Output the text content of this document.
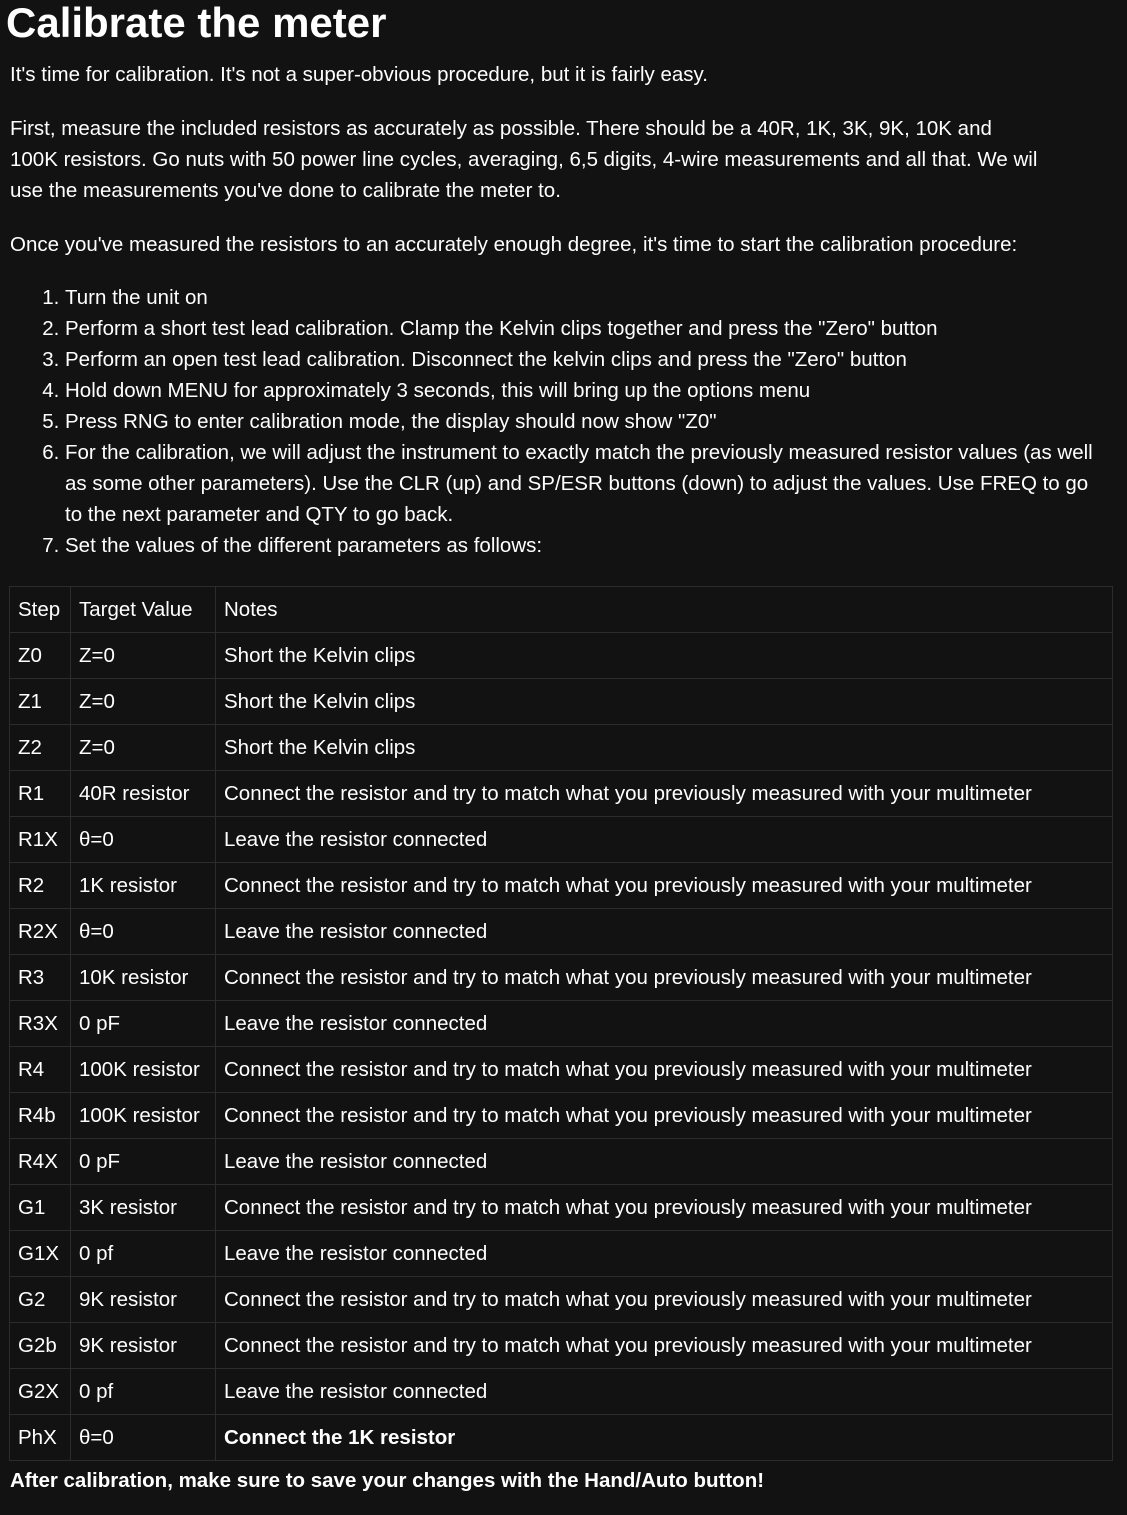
Calibrate the meter

It's time for calibration. It's not a super-obvious procedure, but it is fairly easy.

First, measure the included resistors as accurately as possible. There should be a 40R, 1K, 3K, 9K, 10K and
100K resistors. Go nuts with 50 power line cycles, averaging, 6,5 digits, 4-wire measurements and all that. We wil
use the measurements you've done to calibrate the meter to.

Once you've measured the resistors to an accurately enough degree, it's time to start the calibration procedure:

1. Turn the unit on
2. Perform a short test lead calibration. Clamp the Kelvin clips together and press the "Zero" button
3. Perform an open test lead calibration. Disconnect the kelvin clips and press the "Zero" button
4. Hold down MENU for approximately 3 seconds, this will bring up the options menu
5. Press RNG to enter calibration mode, the display should now show "Z0"
6. For the calibration, we will adjust the instrument to exactly match the previously measured resistor values (as well as some other parameters). Use the CLR (up) and SP/ESR buttons (down) to adjust the values. Use FREQ to go to the next parameter and QTY to go back.
7. Set the values of the different parameters as follows:
Step	Target Value	Notes
Z0	Z=0	Short the Kelvin clips
Z1	Z=0	Short the Kelvin clips
Z2	Z=0	Short the Kelvin clips
R1	40R resistor	Connect the resistor and try to match what you previously measured with your multimeter
R1X	θ=0	Leave the resistor connected
R2	1K resistor	Connect the resistor and try to match what you previously measured with your multimeter
R2X	θ=0	Leave the resistor connected
R3	10K resistor	Connect the resistor and try to match what you previously measured with your multimeter
R3X	0 pF	Leave the resistor connected
R4	100K resistor	Connect the resistor and try to match what you previously measured with your multimeter
R4b	100K resistor	Connect the resistor and try to match what you previously measured with your multimeter
R4X	0 pF	Leave the resistor connected
G1	3K resistor	Connect the resistor and try to match what you previously measured with your multimeter
G1X	0 pf	Leave the resistor connected
G2	9K resistor	Connect the resistor and try to match what you previously measured with your multimeter
G2b	9K resistor	Connect the resistor and try to match what you previously measured with your multimeter
G2X	0 pf	Leave the resistor connected
PhX	θ=0	Connect the 1K resistor
After calibration, make sure to save your changes with the Hand/Auto button!
